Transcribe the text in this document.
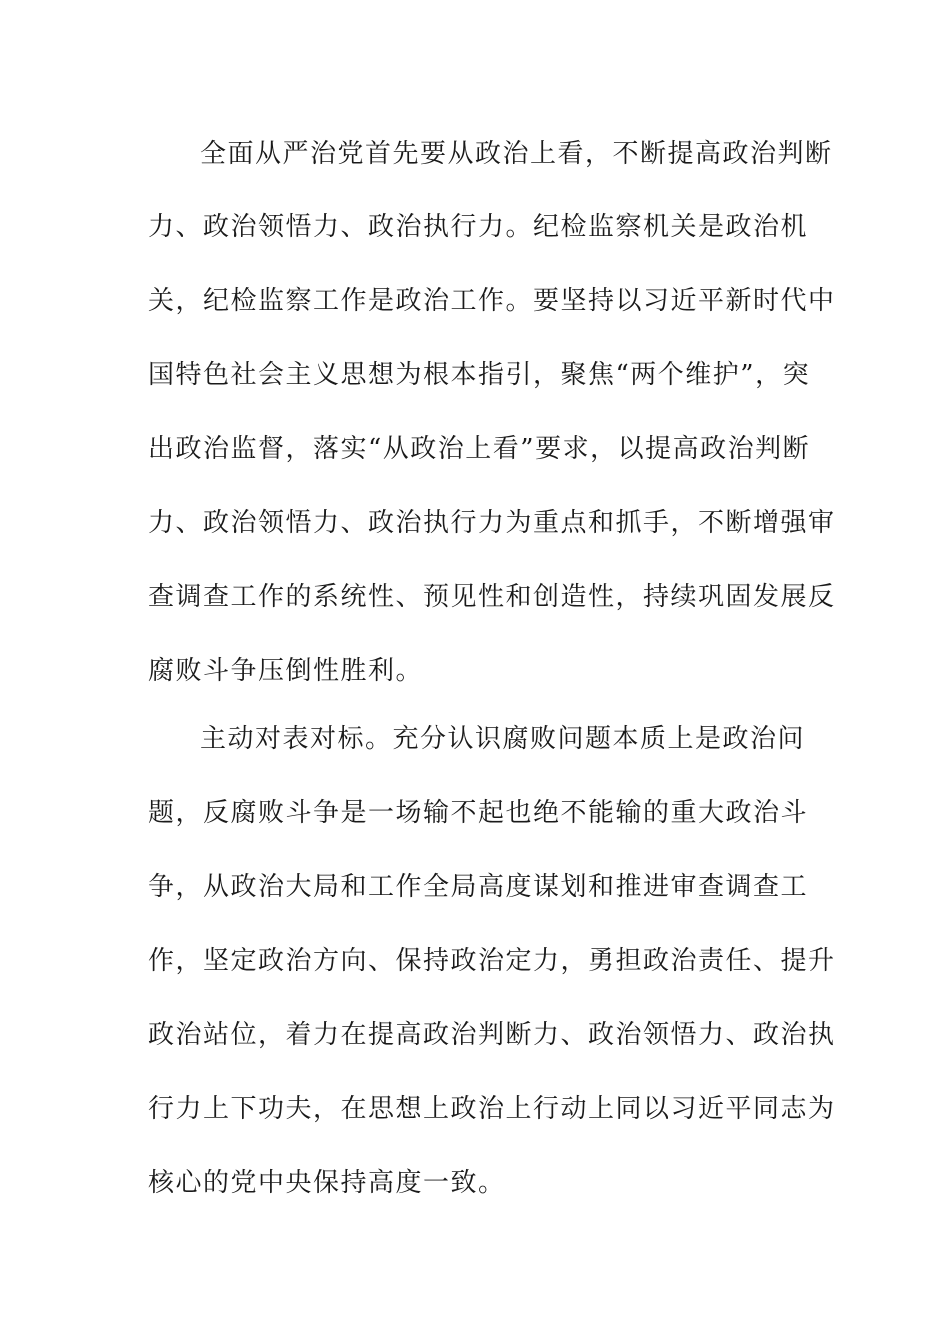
全面从严治党首先要从政治上看，不断提高政治判断
力、政治领悟力、政治执行力。纪检监察机关是政治机
关，纪检监察工作是政治工作。要坚持以习近平新时代中
国特色社会主义思想为根本指引，聚焦“两个维护”，突
出政治监督，落实“从政治上看”要求，以提高政治判断
力、政治领悟力、政治执行力为重点和抓手，不断增强审
查调查工作的系统性、预见性和创造性，持续巩固发展反
腐败斗争压倒性胜利。
主动对表对标。充分认识腐败问题本质上是政治问
题，反腐败斗争是一场输不起也绝不能输的重大政治斗
争，从政治大局和工作全局高度谋划和推进审查调查工
作，坚定政治方向、保持政治定力，勇担政治责任、提升
政治站位，着力在提高政治判断力、政治领悟力、政治执
行力上下功夫，在思想上政治上行动上同以习近平同志为
核心的党中央保持高度一致。
